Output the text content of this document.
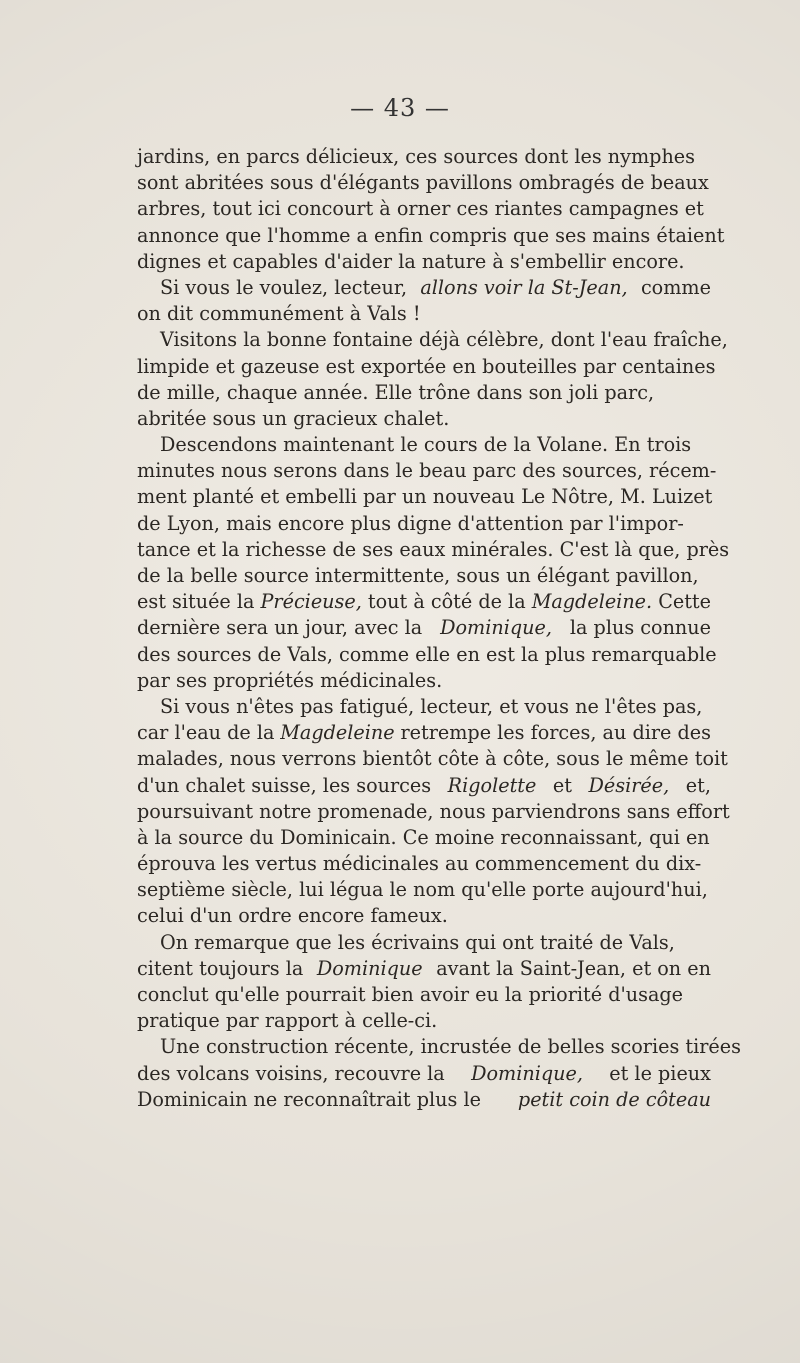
— 43 —
jardins, en parcs délicieux, ces sources dont les nymphes
sont abritées sous d'élégants pavillons ombragés de beaux
arbres, tout ici concourt à orner ces riantes campagnes et
annonce que l'homme a enfin compris que ses mains étaient
dignes et capables d'aider la nature à s'embellir encore.
Si vous le voulez, lecteur, allons voir la St-Jean, comme
on dit communément à Vals !
Visitons la bonne fontaine déjà célèbre, dont l'eau fraîche,
limpide et gazeuse est exportée en bouteilles par centaines
de mille, chaque année. Elle trône dans son joli parc,
abritée sous un gracieux chalet.
Descendons maintenant le cours de la Volane. En trois
minutes nous serons dans le beau parc des sources, récem-
ment planté et embelli par un nouveau Le Nôtre, M. Luizet
de Lyon, mais encore plus digne d'attention par l'impor-
tance et la richesse de ses eaux minérales. C'est là que, près
de la belle source intermittente, sous un élégant pavillon,
est située la Précieuse, tout à côté de la Magdeleine. Cette
dernière sera un jour, avec la Dominique, la plus connue
des sources de Vals, comme elle en est la plus remarquable
par ses propriétés médicinales.
Si vous n'êtes pas fatigué, lecteur, et vous ne l'êtes pas,
car l'eau de la Magdeleine retrempe les forces, au dire des
malades, nous verrons bientôt côte à côte, sous le même toit
d'un chalet suisse, les sources Rigolette et Désirée, et,
poursuivant notre promenade, nous parviendrons sans effort
à la source du Dominicain. Ce moine reconnaissant, qui en
éprouva les vertus médicinales au commencement du dix-
septième siècle, lui légua le nom qu'elle porte aujourd'hui,
celui d'un ordre encore fameux.
On remarque que les écrivains qui ont traité de Vals,
citent toujours la Dominique avant la Saint-Jean, et on en
conclut qu'elle pourrait bien avoir eu la priorité d'usage
pratique par rapport à celle-ci.
Une construction récente, incrustée de belles scories tirées
des volcans voisins, recouvre la Dominique, et le pieux
Dominicain ne reconnaîtrait plus le petit coin de côteau
